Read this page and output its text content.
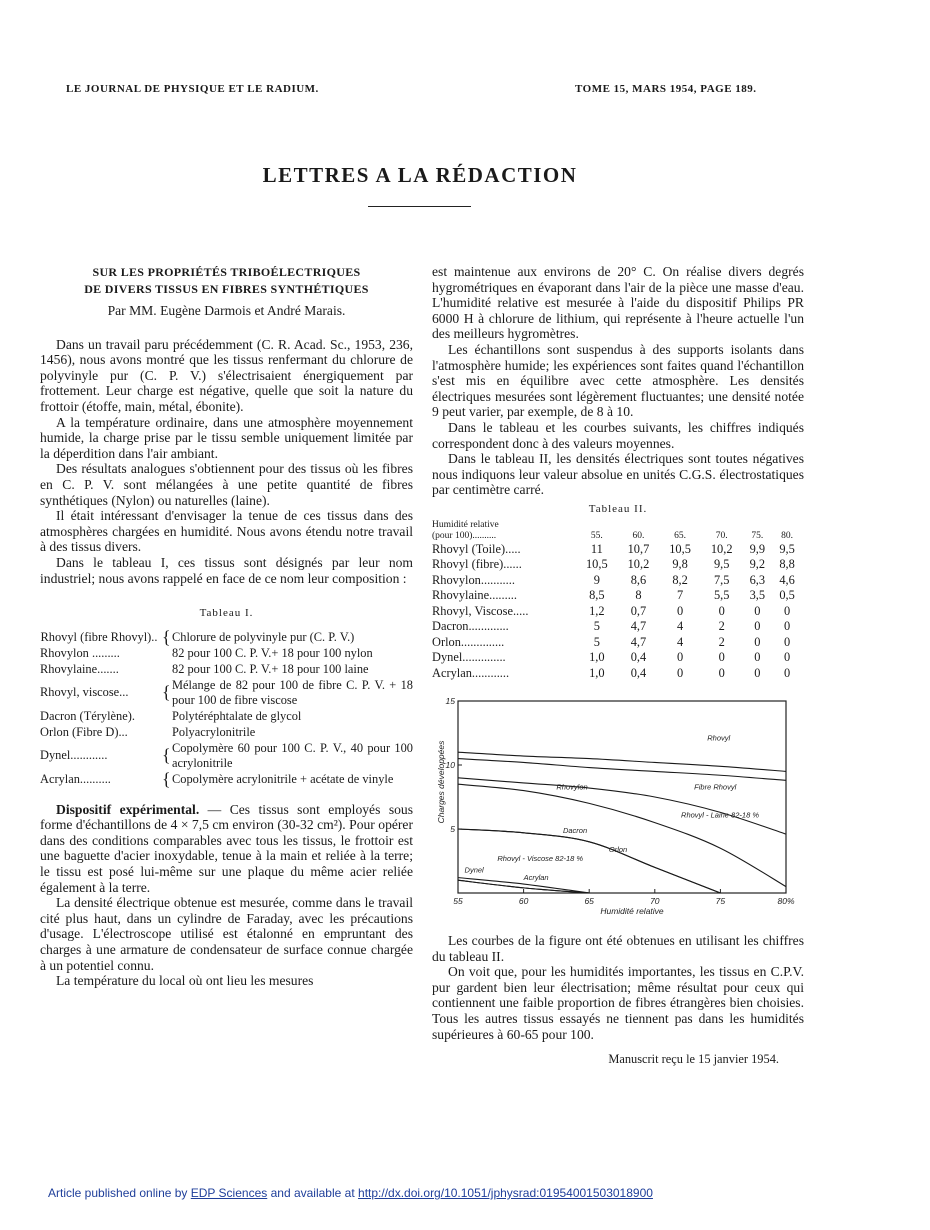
LE JOURNAL DE PHYSIQUE ET LE RADIUM.	TOME 15, MARS 1954, PAGE 189.
LETTRES A LA RÉDACTION
SUR LES PROPRIÉTÉS TRIBOÉLECTRIQUES
DE DIVERS TISSUS EN FIBRES SYNTHÉTIQUES
Par MM. Eugène Darmois et André Marais.

Dans un travail paru précédemment (C. R. Acad. Sc., 1953, 236, 1456), nous avons montré que les tissus renfermant du chlorure de polyvinyle pur (C. P. V.) s'électrisaient énergiquement par frottement. Leur charge est négative, quelle que soit la nature du frottoir (étoffe, main, métal, ébonite).

A la température ordinaire, dans une atmosphère moyennement humide, la charge prise par le tissu semble uniquement limitée par la déperdition dans l'air ambiant.

Des résultats analogues s'obtiennent pour des tissus où les fibres en C. P. V. sont mélangées à une petite quantité de fibres synthétiques (Nylon) ou naturelles (laine).

Il était intéressant d'envisager la tenue de ces tissus dans des atmosphères chargées en humidité. Nous avons étendu notre travail à des tissus divers.

Dans le tableau I, ces tissus sont désignés par leur nom industriel; nous avons rappelé en face de ce nom leur composition :

Tableau I.
Rhovyl (fibre Rhovyl)..	{	Chlorure de polyvinyle pur (C. P. V.)
Rhovylon .........		82 pour 100 C. P. V.+ 18 pour 100 nylon
Rhovylaine.......		82 pour 100 C. P. V.+ 18 pour 100 laine
Rhovyl, viscose...	{	Mélange de 82 pour 100 de fibre C. P. V. + 18 pour 100 de fibre viscose
Dacron (Térylène).		Polytéréphtalate de glycol
Orlon (Fibre D)...		Polyacrylonitrile
Dynel............	{	Copolymère 60 pour 100 C. P. V., 40 pour 100 acrylonitrile
Acrylan..........	{	Copolymère acrylonitrile + acétate de vinyle

Dispositif expérimental. — Ces tissus sont employés sous forme d'échantillons de 4 × 7,5 cm environ (30-32 cm²). Pour opérer dans des conditions comparables avec tous les tissus, le frottoir est une baguette d'acier inoxydable, tenue à la main et reliée à la terre; le tissu est posé lui-même sur une plaque du même acier reliée également à la terre.

La densité électrique obtenue est mesurée, comme dans le travail cité plus haut, dans un cylindre de Faraday, avec les précautions d'usage. L'électroscope utilisé est étalonné en empruntant des charges à une armature de condensateur de surface connue chargée à un potentiel connu.

La température du local où ont lieu les mesures

est maintenue aux environs de 20° C. On réalise divers degrés hygrométriques en évaporant dans l'air de la pièce une masse d'eau. L'humidité relative est mesurée à l'aide du dispositif Philips PR 6000 H à chlorure de lithium, qui représente à l'heure actuelle l'un des meilleurs hygromètres.

Les échantillons sont suspendus à des supports isolants dans l'atmosphère humide; les expériences sont faites quand l'échantillon s'est mis en équilibre avec cette atmosphère. Les densités électriques mesurées sont légèrement fluctuantes; une densité notée 9 peut varier, par exemple, de 8 à 10.

Dans le tableau et les courbes suivants, les chiffres indiqués correspondent donc à des valeurs moyennes.

Dans le tableau II, les densités électriques sont toutes négatives nous indiquons leur valeur absolue en unités C.G.S. électrostatiques par centimètre carré.

Tableau II.
Humidité relative
(pour 100)..........	55.	60.	65.	70.	75.	80.
Rhovyl (Toile).....	11	10,7	10,5	10,2	9,9	9,5
Rhovyl (fibre)......	10,5	10,2	9,8	9,5	9,2	8,8
Rhovylon...........	9	8,6	8,2	7,5	6,3	4,6
Rhovylaine.........	8,5	8	7	5,5	3,5	0,5
Rhovyl, Viscose.....	1,2	0,7	0	0	0	0
Dacron.............	5	4,7	4	2	0	0
Orlon..............	5	4,7	4	2	0	0
Dynel..............	1,0	0,4	0	0	0	0
Acrylan............	1,0	0,4	0	0	0	0
55	60	65	70	75	80%
5
10
15
Humidité relative
Charges développées
Rhovyl
Fibre Rhovyl
Rhovylon
Rhovyl - Laine 82-18 %
Dacron
Orlon
Rhovyl - Viscose 82-18 %
Dynel
Acrylan

Les courbes de la figure ont été obtenues en utilisant les chiffres du tableau II.

On voit que, pour les humidités importantes, les tissus en C.P.V. pur gardent bien leur électrisation; même résultat pour ceux qui contiennent une faible proportion de fibres étrangères bien choisies. Tous les autres tissus essayés ne tiennent pas dans les humidités supérieures à 60-65 pour 100.

Manuscrit reçu le 15 janvier 1954.
Article published online by EDP Sciences and available at http://dx.doi.org/10.1051/jphysrad:01954001503018900
